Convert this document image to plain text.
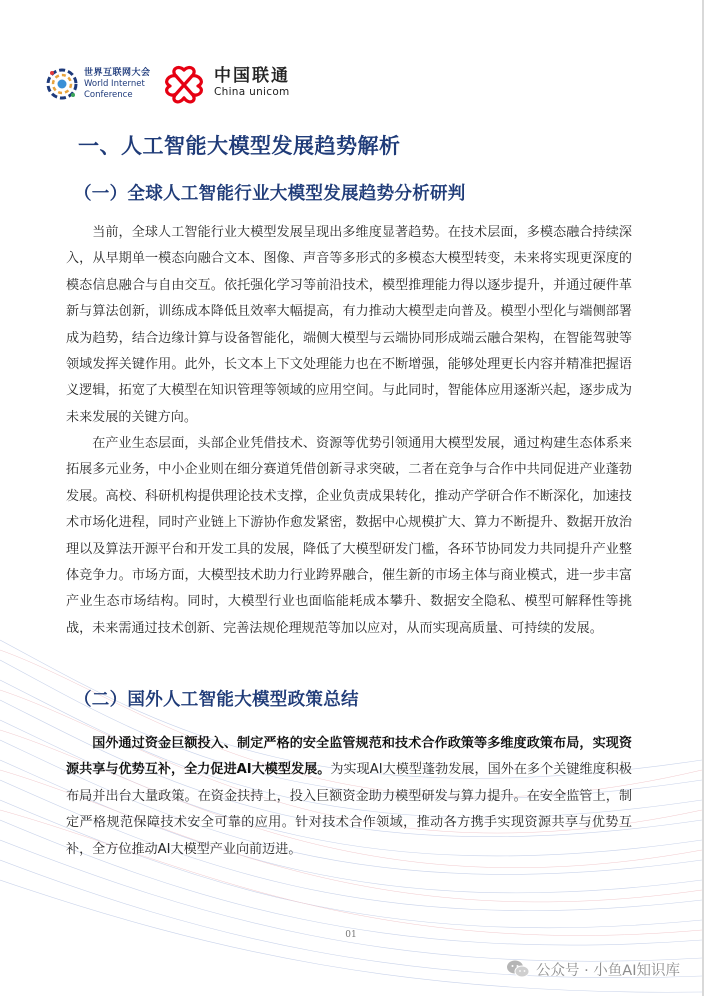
世界互联网大会
World Internet
Conference
中国联通
China unicom
一、人工智能大模型发展趋势解析
（一）全球人工智能行业大模型发展趋势分析研判

当前，全球人工智能行业大模型发展呈现出多维度显著趋势。在技术层面，多模态融合持续深入，从早期单一模态向融合文本、图像、声音等多形式的多模态大模型转变，未来将实现更深度的模态信息融合与自由交互。依托强化学习等前沿技术，模型推理能力得以逐步提升，并通过硬件革新与算法创新，训练成本降低且效率大幅提高，有力推动大模型走向普及。模型小型化与端侧部署成为趋势，结合边缘计算与设备智能化，端侧大模型与云端协同形成端云融合架构，在智能驾驶等领域发挥关键作用。此外，长文本上下文处理能力也在不断增强，能够处理更长内容并精准把握语义逻辑，拓宽了大模型在知识管理等领域的应用空间。与此同时，智能体应用逐渐兴起，逐步成为未来发展的关键方向。

在产业生态层面，头部企业凭借技术、资源等优势引领通用大模型发展，通过构建生态体系来拓展多元业务，中小企业则在细分赛道凭借创新寻求突破，二者在竞争与合作中共同促进产业蓬勃发展。高校、科研机构提供理论技术支撑，企业负责成果转化，推动产学研合作不断深化，加速技术市场化进程，同时产业链上下游协作愈发紧密，数据中心规模扩大、算力不断提升、数据开放治理以及算法开源平台和开发工具的发展，降低了大模型研发门槛，各环节协同发力共同提升产业整体竞争力。市场方面，大模型技术助力行业跨界融合，催生新的市场主体与商业模式，进一步丰富产业生态市场结构。同时，大模型行业也面临能耗成本攀升、数据安全隐私、模型可解释性等挑战，未来需通过技术创新、完善法规伦理规范等加以应对，从而实现高质量、可持续的发展。

（二）国外人工智能大模型政策总结

国外通过资金巨额投入、制定严格的安全监管规范和技术合作政策等多维度政策布局，实现资源共享与优势互补，全力促进AI大模型发展。为实现AI大模型蓬勃发展，国外在多个关键维度积极布局并出台大量政策。在资金扶持上，投入巨额资金助力模型研发与算力提升。在安全监管上，制定严格规范保障技术安全可靠的应用。针对技术合作领域，推动各方携手实现资源共享与优势互补，全方位推动AI大模型产业向前迈进。

01
公众号 · 小鱼AI知识库
